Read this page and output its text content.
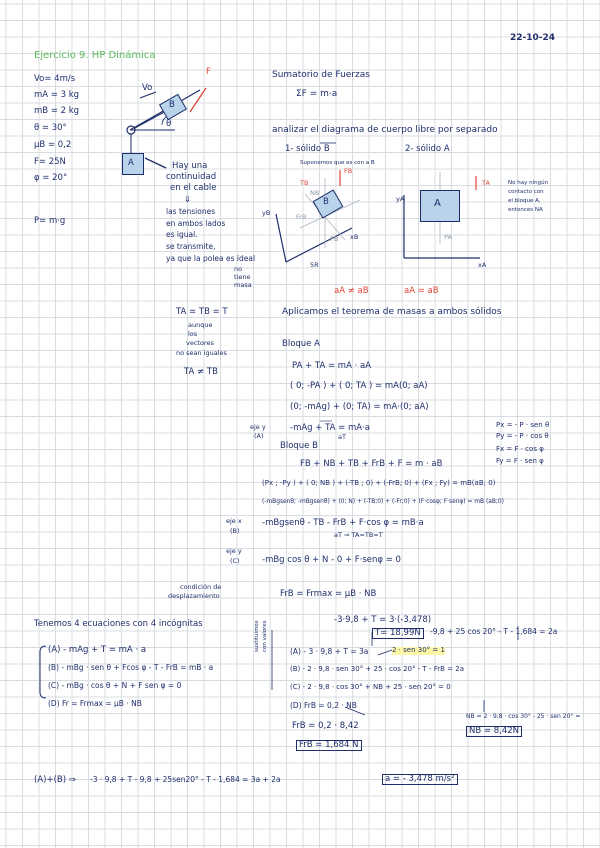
22-10-24
Ejercicio 9. HP Dinámica
Vo= 4m/s
mA = 3 kg
mB = 2 kg
θ = 30°
μB = 0,2
F= 25N
φ = 20°
P= m·g
Vo
B
F
θ
A	Hay una
continuidad
en el cable
⇓
las tensiones
en ambos lados
es igual.
se transmite,
ya que la polea es ideal
no
tiene
masa
TA = TB = T
aunque
los
vectores
no sean iguales
TA ≠ TB
Sumatorio de Fuerzas
ΣF = m·a
analizar el diagrama de cuerpo libre por separado
1- sólido B	2- sólido A
Suponemos que es con a B
B
TB
FB
PB
NB
FrB
yB
xB
5R
A
TA
PA
yA
xA
No hay ningún
contacto con
el bloque A,
entonces NA
aA ≠ aB	aA = aB
Aplicamos el teorema de masas a ambos sólidos
Bloque A
PA + TA = mA · aA
( 0; -PA ) + ( 0; TA ) = mA(0; aA)
(0; -mAg) + (0; TA) = mA·(0; aA)
-mAg + TA = mA·a
eje y
(A)	aT
Px = - P · sen θ
Py = - P · cos θ
Fx = F · cos φ
Fy = F · sen φ
Bloque B
FB + NB + TB + FrB + F = m · aB
(Px ; -Py ) + ( 0; NB ) + (-TB ; 0) + (-FrB; 0) + (Fx ; Fy) = mB(aB; 0)
(-mBgsenθ; -mBgsenθ) + (0; N) + (-TB;0) + (-Fr;0) + (F·cosφ; F·senφ) = mB (aB;0)
-mBgsenθ - TB - FrB + F·cos φ = mB·a
aT ⇒ TA=TB=T
-mBg cos θ + N - 0 + F·senφ = 0
eje x
(B)
eje y
(C)
condición de
desplazamiento	FrB = Frmax = μB · NB
Tenemos 4 ecuaciones con 4 incógnitas
(A) - mAg + T = mA · a
(B) - mBg · sen θ + Fcos φ - T - FrB = mB · a
(C) - mBg · cos θ + N + F sen φ = 0
(D) Fr = Frmax = μB · NB
sustituimos con valores
-3·9,8 + T = 3·(-3,478)
T= 18,99N	-9,8 + 25 cos 20° - T - 1,684 = 2a
(A) - 3 · 9,8 + T = 3a
(B) - 2 · 9,8 · sen 30° + 25 · cos 20° - T - FrB = 2a
(C) - 2 · 9,8 · cos 30° + NB + 25 · sen 20° = 0
(D) FrB = 0,2 · NB
2 · sen 30° = 1
FrB = 0,2 · 8,42
FrB = 1,684 N
NB = 2 · 9,8 · cos 30° - 25 · sen 20° =
NB = 8,42N
(A)+(B) ⇒ -3 · 9,8 + T - 9,8 + 25sen20° - T - 1,684 = 3a + 2a	a = - 3,478 m/s²
